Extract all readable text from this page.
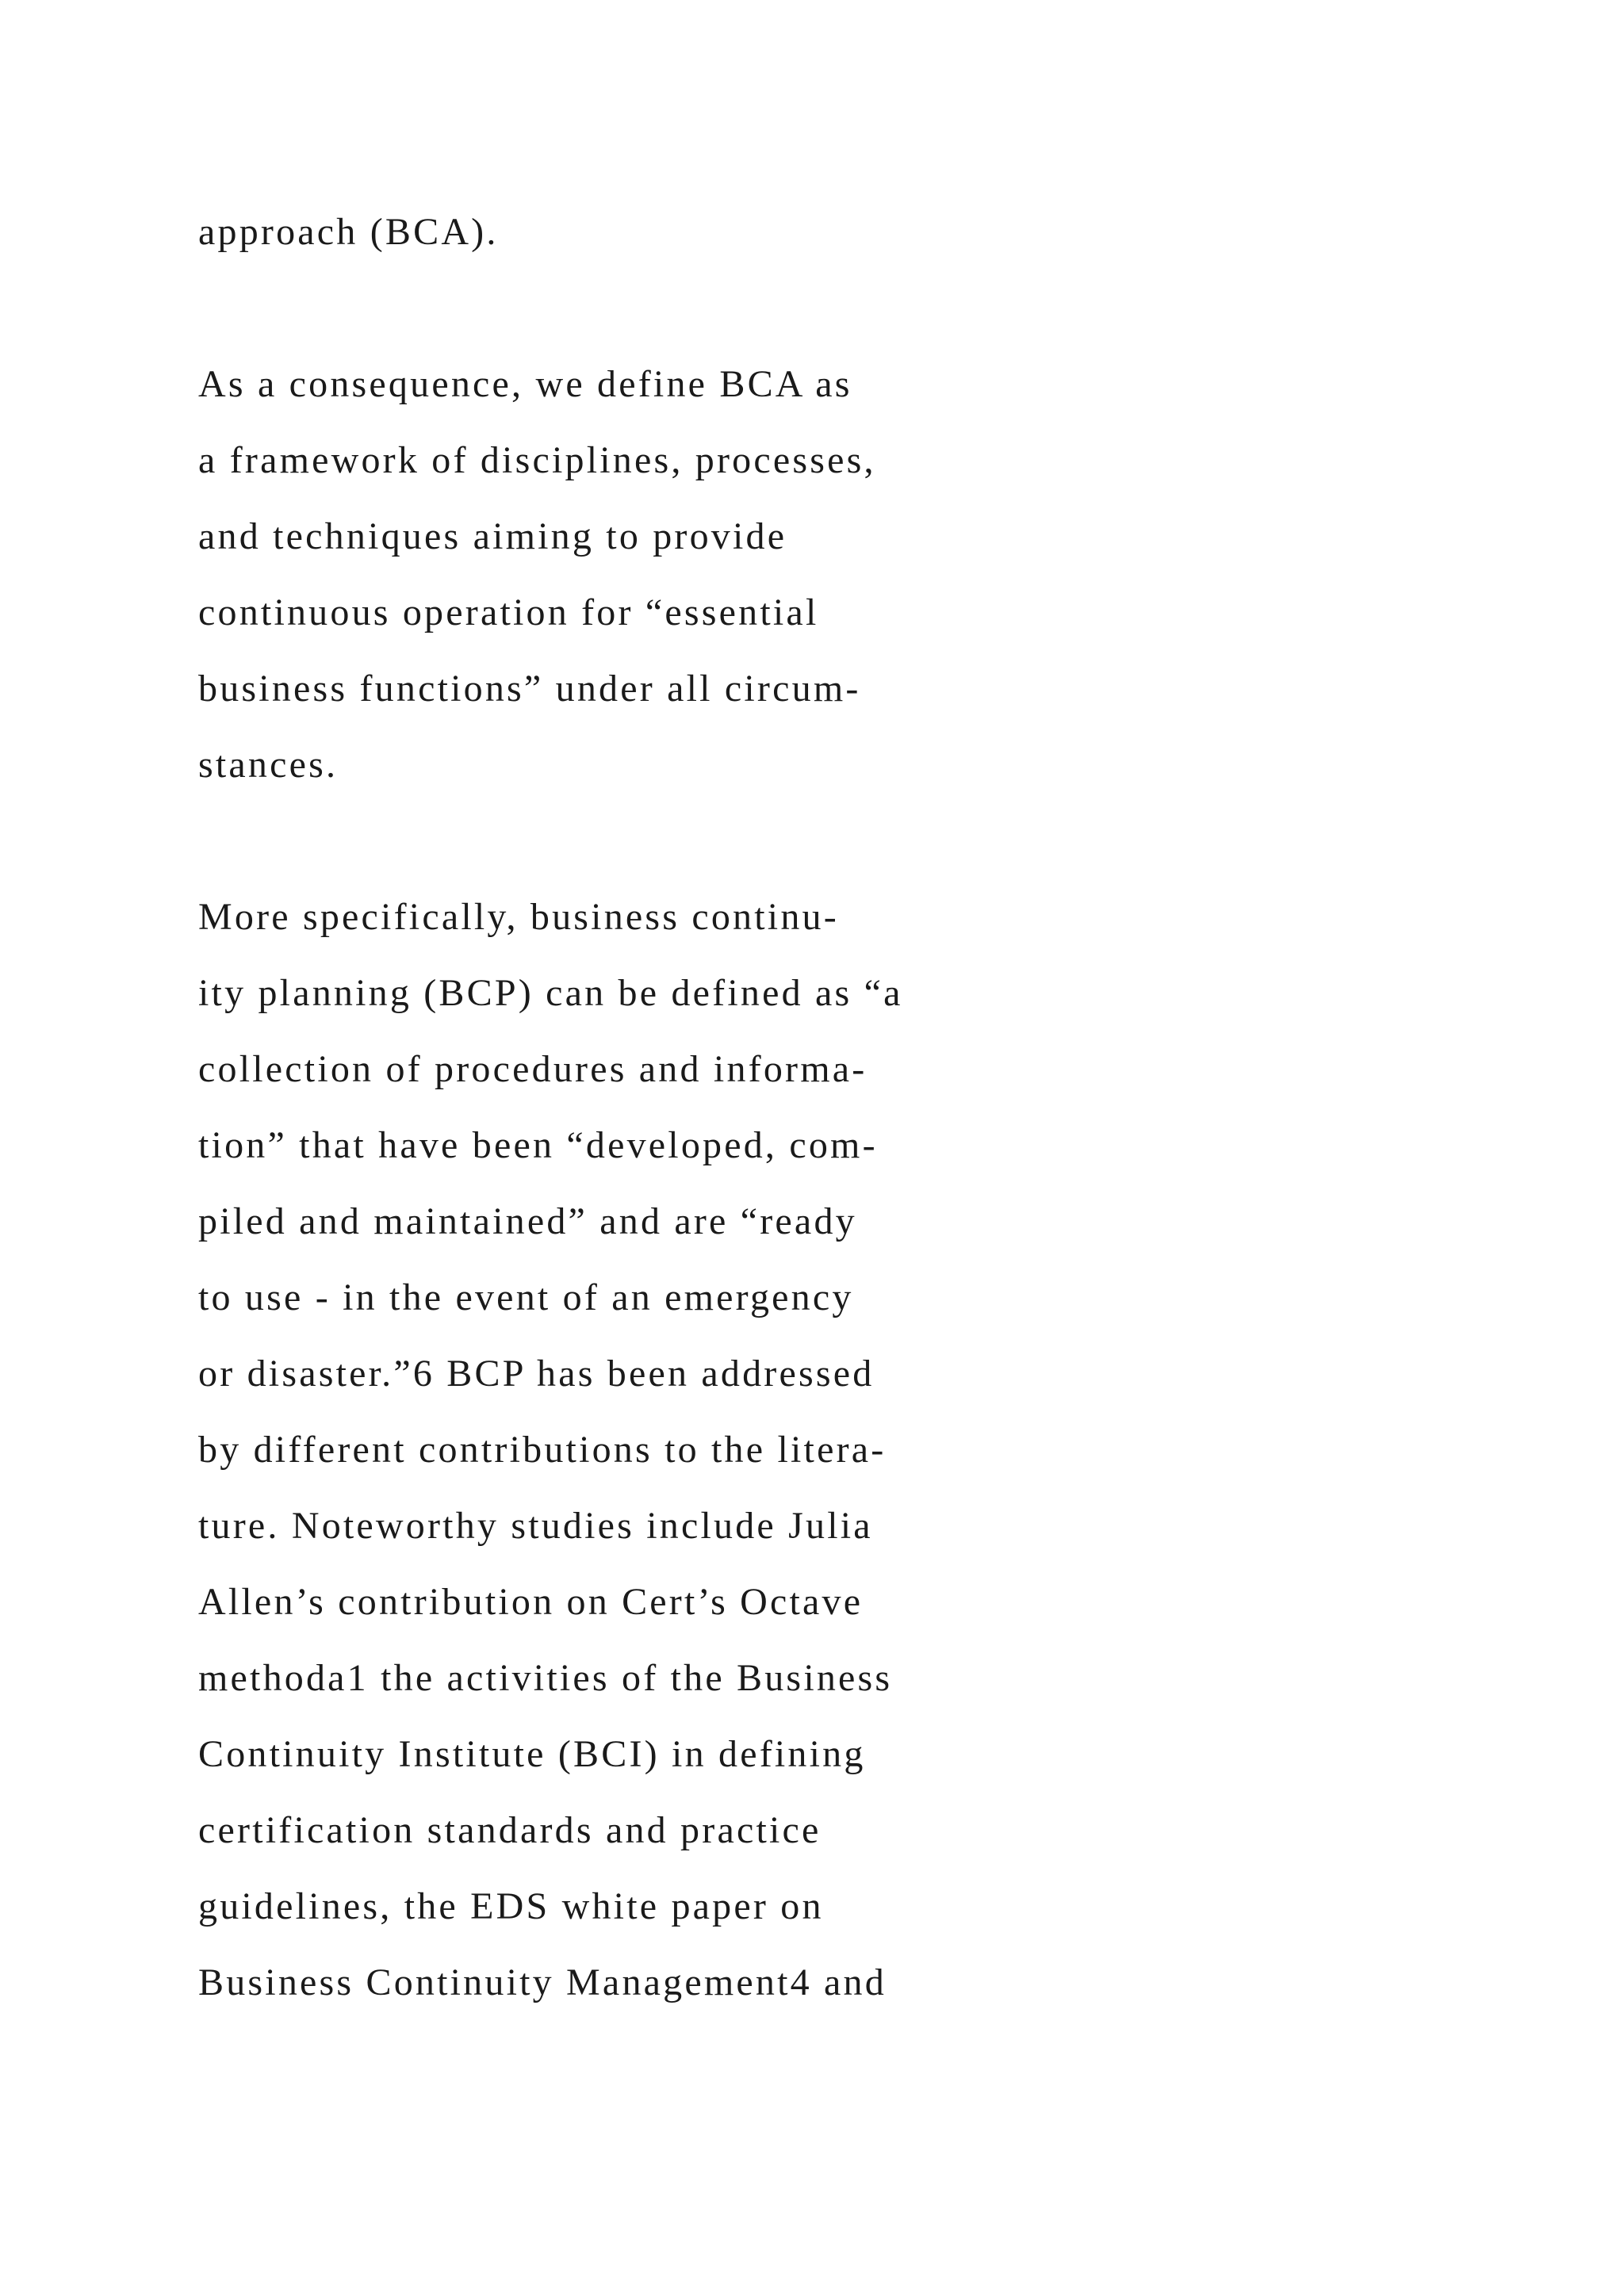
approach (BCA).
As a consequence, we define BCA as
a framework of disciplines, processes,
and techniques aiming to provide
continuous operation for “essential
business functions” under all circum-
stances.
More specifically, business continu-
ity planning (BCP) can be defined as “a
collection of procedures and informa-
tion” that have been “developed, com-
piled and maintained” and are “ready
to use - in the event of an emergency
or disaster.”6 BCP has been addressed
by different contributions to the litera-
ture. Noteworthy studies include Julia
Allen’s contribution on Cert’s Octave
methoda1 the activities of the Business
Continuity Institute (BCI) in defining
certification standards and practice
guidelines, the EDS white paper on
Business Continuity Management4 and
